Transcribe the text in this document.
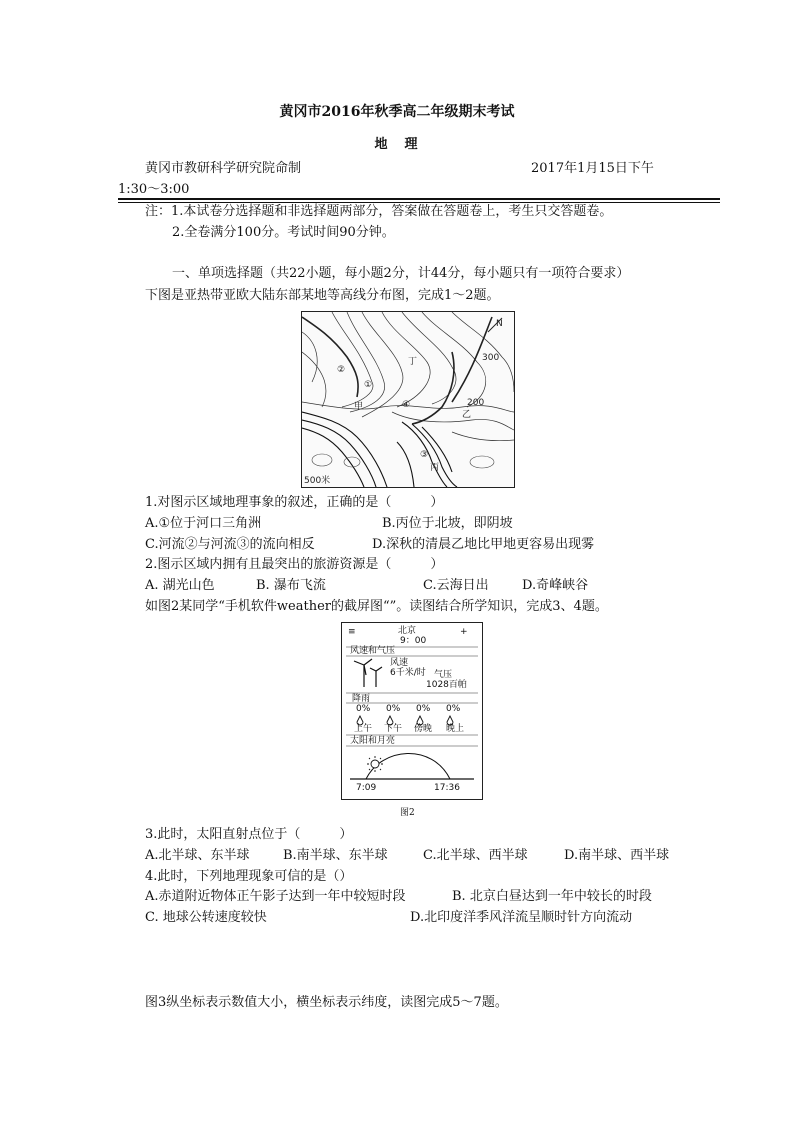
黄冈市2016年秋季高二年级期末考试
地　理
黄冈市教研科学研究院命制	2017年1月15日下午
1:30～3:00
注：1.本试卷分选择题和非选择题两部分，答案做在答题卷上，考生只交答题卷。
2.全卷满分100分。考试时间90分钟。
一、单项选择题（共22小题，每小题2分，计44分，每小题只有一项符合要求）
下图是亚热带亚欧大陆东部某地等高线分布图，完成1～2题。
丁
甲
乙
丙
①
②
③
④
300
200
N
500米
1.对图示区域地理事象的叙述，正确的是（　　　）
A.①位于河口三角洲	B.丙位于北坡，即阴坡
C.河流②与河流③的流向相反	D.深秋的清晨乙地比甲地更容易出现雾
2.图示区域内拥有且最突出的旅游资源是（　　　）
A. 湖光山色	B. 瀑布飞流	C.云海日出	D.奇峰峡谷
如图2某同学“手机软件weather的截屏图“”。读图结合所学知识，完成3、4题。
≡	+
北京
9：00
风速和气压
风速
6千米/时 气压
1028百帕
降雨
0% 0% 0% 0%
上午 下午 傍晚 晚上
太阳和月亮
7:09	17:36
图2
3.此时，太阳直射点位于（　　　）
A.北半球、东半球	B.南半球、东半球	C.北半球、西半球	D.南半球、西半球
4.此时，下列地理现象可信的是（）
A.赤道附近物体正午影子达到一年中较短时段	B. 北京白昼达到一年中较长的时段
C. 地球公转速度较快	D.北印度洋季风洋流呈顺时针方向流动
图3纵坐标表示数值大小，横坐标表示纬度，读图完成5～7题。
